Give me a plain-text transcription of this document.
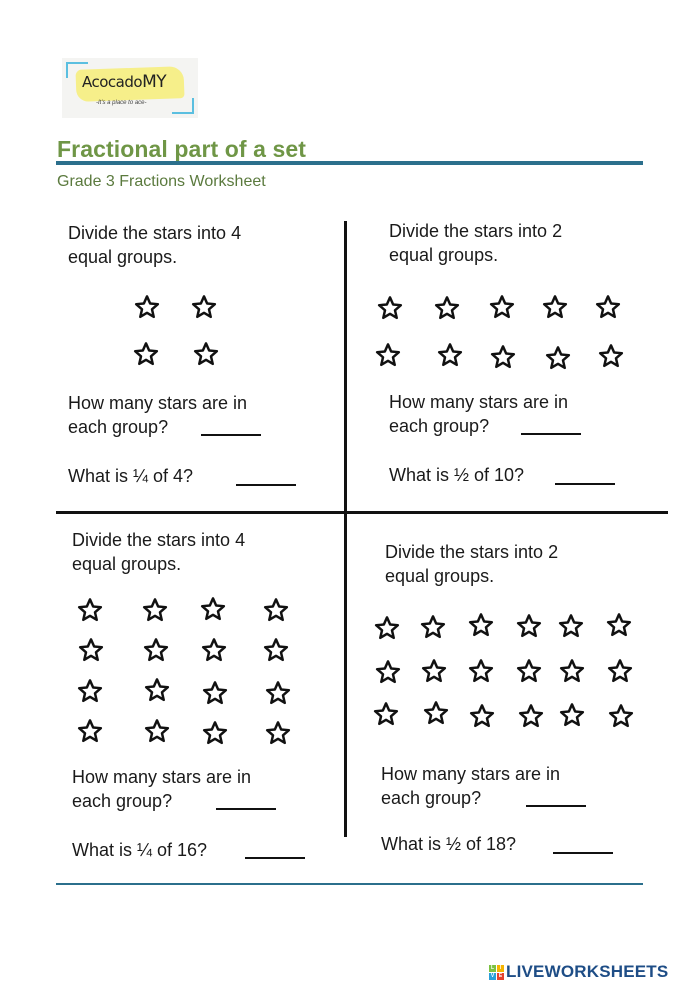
AcocadoMY
-It's a place to ace-
Fractional part of a set
Grade 3 Fractions Worksheet
Divide the stars into 4
equal groups.
How many stars are in
each group?
What is ¼ of 4?
Divide the stars into 2
equal groups.
How many stars are in
each group?
What is ½ of 10?
Divide the stars into 4
equal groups.
How many stars are in
each group?
What is ¼ of 16?
Divide the stars into 2
equal groups.
How many stars are in
each group?
What is ½ of 18?
L	I
V E LIVEWORKSHEETS
